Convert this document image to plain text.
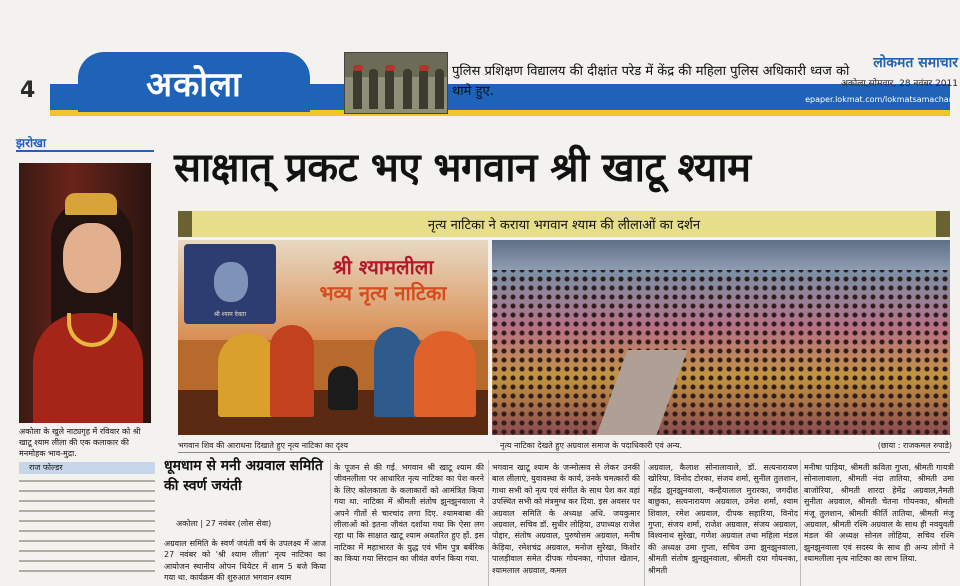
4	अकोला	पुलिस प्रशिक्षण विद्यालय की दीक्षांत परेड में केंद्र की महिला पुलिस अधिकारी ध्वज को थामे हुए.
लोकमत समाचार
अकोला,सोमवार, 28 नवंबर 2011
epaper.lokmat.com/lokmatsamachar
झरोखा
अकोला के खुले नाट्यगृह में रविवार को श्री खाटू श्याम लीला की एक कलाकार की मनमोहक भाव-मुद्रा.
राज फोल्डर
साक्षात् प्रकट भए भगवान श्री खाटू श्याम
नृत्य नाटिका ने कराया भगवान श्याम की लीलाओं का दर्शन
श्री श्याम देवता
श्री श्यामलीला
भव्य नृत्य नाटिका
भगवान शिव की आराधना दिखाते हुए नृत्य नाटिका का दृश्य	नृत्य नाटिका देखते हुए अग्रवाल समाज के पदाधिकारी एवं अन्य.	(छाया : राजकमल रुपाडे)
धूमधाम से मनी अग्रवाल समिति की स्वर्ण जयंती
अकोला | 27 नवंबर (लोस सेवा)
अग्रवाल समिति के स्वर्ण जयंती वर्ष के उपलक्ष्य में आज 27 नवंबर को 'श्री श्याम लीला' नृत्य नाटिका का आयोजन स्थानीय ओपन थियेटर में शाम 5 बजे किया गया था. कार्यक्रम की शुरुआत भगवान श्याम
के पूजन से की गई. भगवान श्री खाटू श्याम की जीवनलीला पर आधारित नृत्य नाटिका का पेश करने के लिए कोलकाता के कलाकारों को आमंत्रित किया गया था. नाटिका में श्रीमती संतोष झुनझुनवाला ने अपने गीतों से चारचांद लगा दिए. श्यामबाबा की लीलाओं को इतना जीवंत दर्शाया गया कि ऐसा लग रहा था कि साक्षात खाटू श्याम अवतरित हुए हों. इस नाटिका में महाभारत के युद्ध एवं भीम पुत्र बर्बरिक का किया गया सिरदान का जीवंत वर्णन किया गया.
भगवान खाटू श्याम के जन्मोत्सव से लेकर उनकी बाल लीलाएं, युवावस्था के कार्य, उनके चमत्कारों की गाथा सभी को नृत्य एवं संगीत के साथ पेश कर वहां उपस्थित सभी को मंत्रमुग्ध कर दिया. इस अवसर पर अग्रवाल समिति के अध्यक्ष अधि. जयकुमार अग्रवाल, सचिव डॉ. सुधीर लोहिया, उपाध्यक्ष राजेश पोद्दार, संतोष अग्रवाल, पुरुषोत्तम अग्रवाल, मनीष केड़िया, रमेशचंद्र अग्रवाल, मनोज सुरेखा, किशोर पालड़ीवाल समेत दीपक गोयनका, गोपाल खेतान, श्यामलाल अग्रवाल, कमल
अग्रवाल, कैलाश सोनालावाले, डॉ. सत्यनारायण खोरिया, विनोद टोरका, संजय शर्मा, सुनील तुलशान, महेंद्र झुनझुनवाला, कन्हैयालाल मुरारका, जगदीश बाछुका, सत्यनारायण अग्रवाल, उमेश शर्मा, श्याम शिवाल, रमेश अग्रवाल, दीपक सहारिया, विनोद गुप्ता, संजय शर्मा, राजेश अग्रवाल, संजय अग्रवाल, विश्वनाथ सुरेखा, गणेश अग्रवाल तथा महिला मंडल की अध्यक्ष उमा गुप्ता, सचिव उमा झुनझुनवाला, श्रीमती संतोष झुनझुनवाला, श्रीमती दया गोयनका, श्रीमती
मनीषा पाड़िया, श्रीमती कविता गुप्ता, श्रीमती गायत्री सोनालावाला, श्रीमती नंदा तातिया, श्रीमती उमा बाजोरिया, श्रीमती शारदा हेमेंद्र अग्रवाल,नैमती सुनीता अग्रवाल, श्रीमती चेतना गोयनका, श्रीमती मंजू तुलशान, श्रीमती कीर्ति तातिया, श्रीमती मंजू अग्रवाल, श्रीमती रश्मि अग्रवाल के साथ ही नवयुवती मंडल की अध्यक्ष सोनल लोहिया, सचिव रश्मि झुनझुनवाला एवं सदस्य के साथ ही अन्य लोगों ने श्यामलीला नृत्य नाटिका का लाभ लिया.
